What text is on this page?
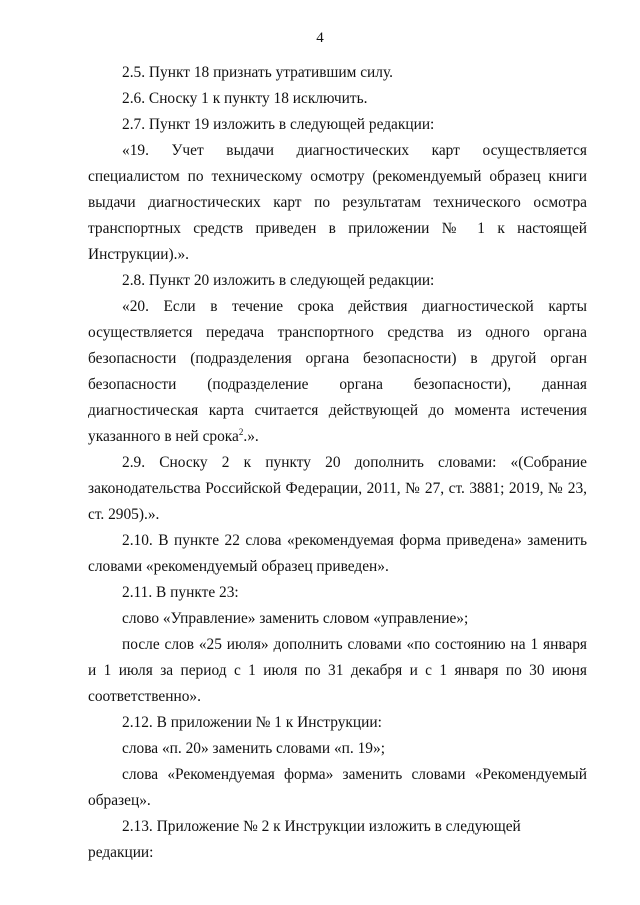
4

2.5. Пункт 18 признать утратившим силу.

2.6. Сноску 1 к пункту 18 исключить.

2.7. Пункт 19 изложить в следующей редакции:

«19. Учет выдачи диагностических карт осуществляется специалистом по техническому осмотру (рекомендуемый образец книги выдачи диагностических карт по результатам технического осмотра транспортных средств приведен в приложении № 1 к настоящей Инструкции).».

2.8. Пункт 20 изложить в следующей редакции:

«20. Если в течение срока действия диагностической карты осуществляется передача транспортного средства из одного органа безопасности (подразделения органа безопасности) в другой орган безопасности (подразделение органа безопасности), данная диагностическая карта считается действующей до момента истечения указанного в ней срока$^2$.».

2.9. Сноску 2 к пункту 20 дополнить словами: «(Собрание законодательства Российской Федерации, 2011, № 27, ст. 3881; 2019, № 23, ст. 2905).».

2.10. В пункте 22 слова «рекомендуемая форма приведена» заменить словами «рекомендуемый образец приведен».

2.11. В пункте 23:

слово «Управление» заменить словом «управление»;

после слов «25 июля» дополнить словами «по состоянию на 1 января и 1 июля за период с 1 июля по 31 декабря и с 1 января по 30 июня соответственно».

2.12. В приложении № 1 к Инструкции:

слова «п. 20» заменить словами «п. 19»;

слова «Рекомендуемая форма» заменить словами «Рекомендуемый образец».

2.13. Приложение № 2 к Инструкции изложить в следующей редакции:
